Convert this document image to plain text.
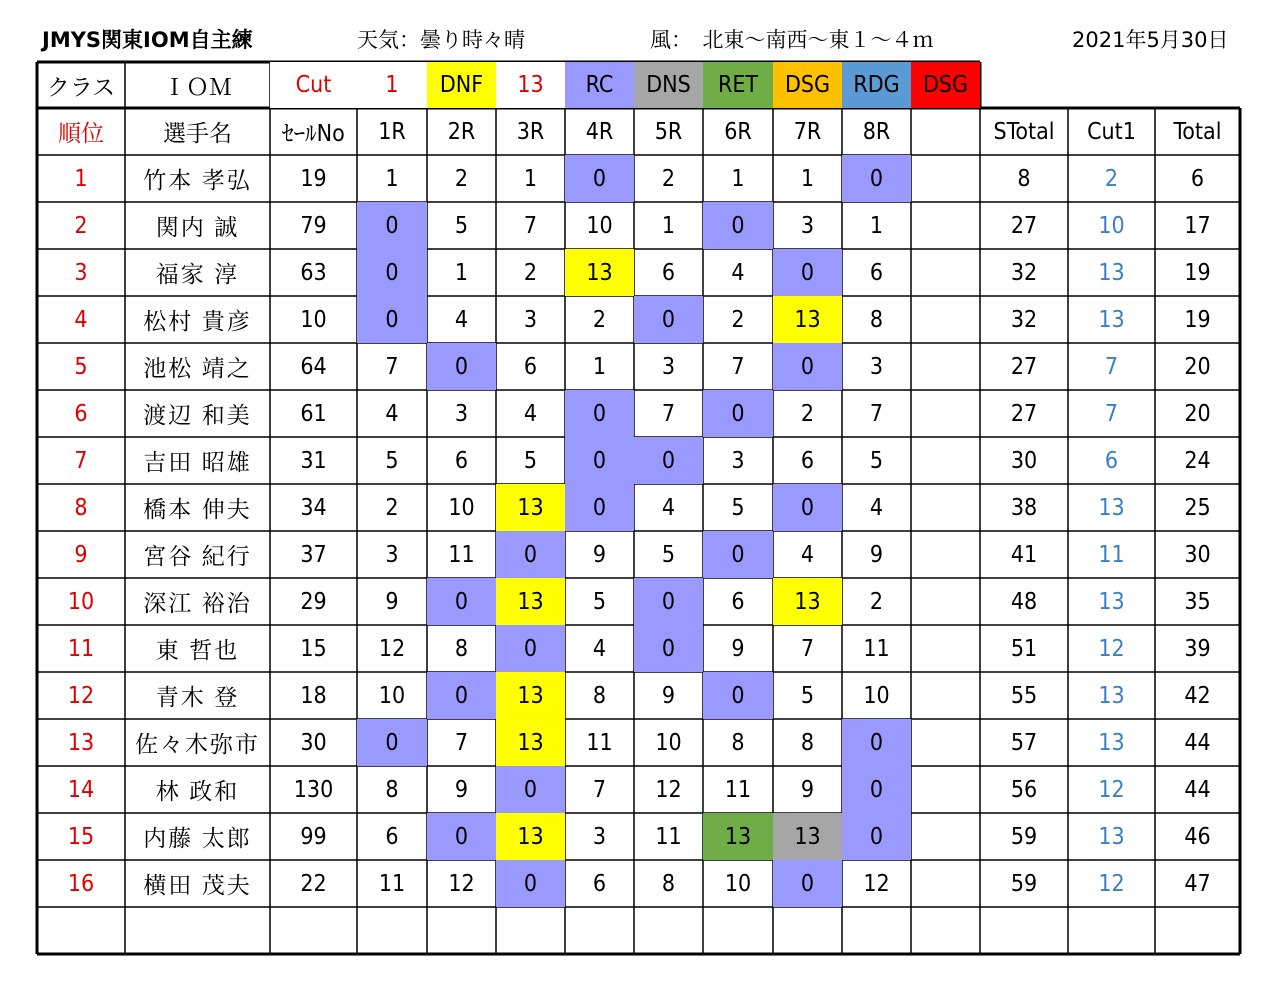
JMYS関東IOM自主練	天気：曇り時々晴	風：　北東～南西～東１～４ｍ	2021年5月30日
クラス	ＩＯＭ	Cut	1	DNF	13	RC	DNS	RET	DSG	RDG	DSG
順位	選手名	ｾｰﾙNo	1R	2R	3R	4R	5R	6R	7R	8R	STotal	Cut1	Total
1	竹本 孝弘	19	1	2	1	0	2	1	1	0	8	2	6
2	関内 誠	79	0	5	7	10	1	0	3	1	27	10	17
3	福家 淳	63	0	1	2	13	6	4	0	6	32	13	19
4	松村 貴彦	10	0	4	3	2	0	2	13	8	32	13	19
5	池松 靖之	64	7	0	6	1	3	7	0	3	27	7	20
6	渡辺 和美	61	4	3	4	0	7	0	2	7	27	7	20
7	吉田 昭雄	31	5	6	5	0	0	3	6	5	30	6	24
8	橋本 伸夫	34	2	10	13	0	4	5	0	4	38	13	25
9	宮谷 紀行	37	3	11	0	9	5	0	4	9	41	11	30
10	深江 裕治	29	9	0	13	5	0	6	13	2	48	13	35
11	東 哲也	15	12	8	0	4	0	9	7	11	51	12	39
12	青木 登	18	10	0	13	8	9	0	5	10	55	13	42
13	佐々木弥市	30	0	7	13	11	10	8	8	0	57	13	44
14	林 政和	130	8	9	0	7	12	11	9	0	56	12	44
15	内藤 太郎	99	6	0	13	3	11	13	13	0	59	13	46
16	横田 茂夫	22	11	12	0	6	8	10	0	12	59	12	47
